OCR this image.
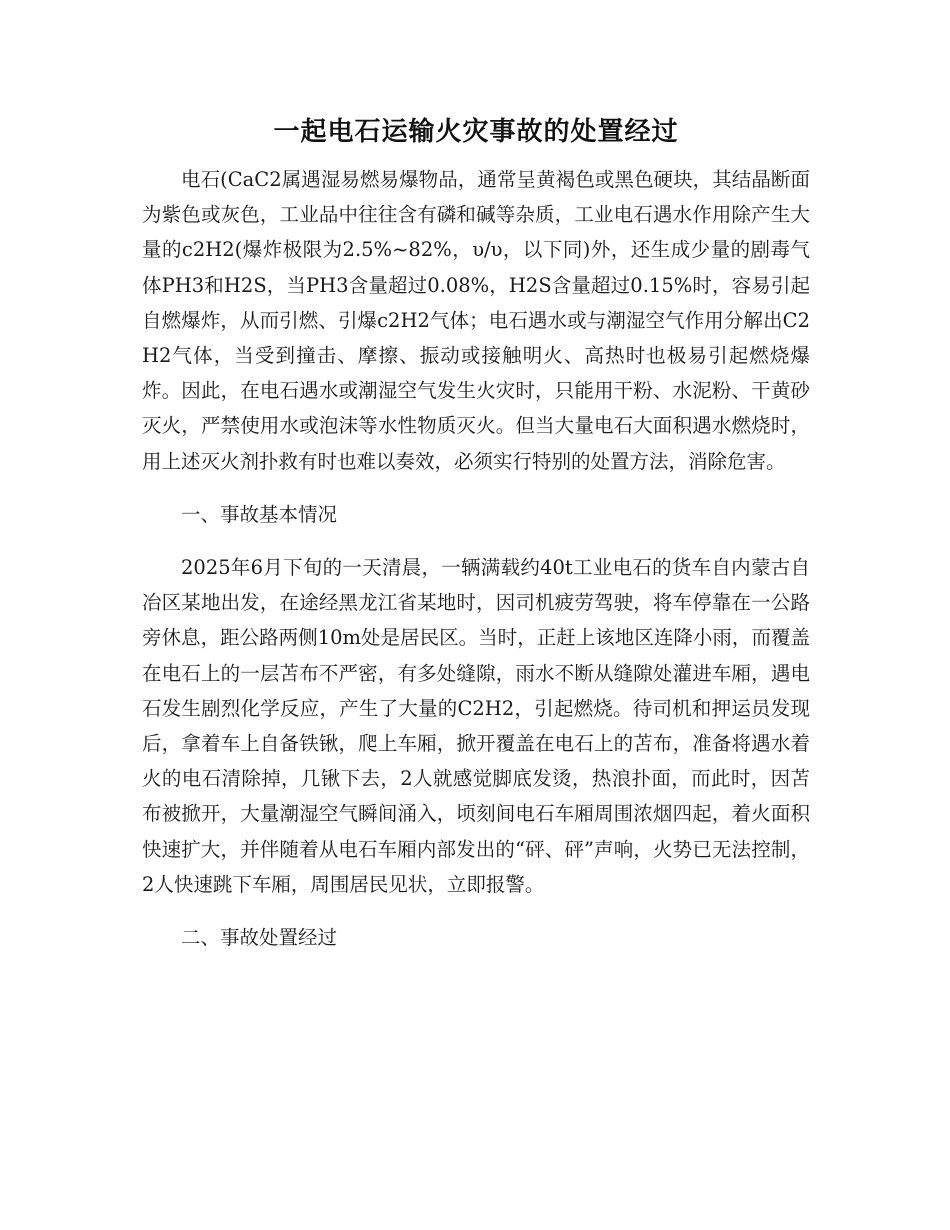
一起电石运输火灾事故的处置经过

电石(CaC2属遇湿易燃易爆物品，通常呈黄褐色或黑色硬块，其结晶断面为紫色或灰色，工业品中往往含有磷和碱等杂质，工业电石遇水作用除产生大量的c2H2(爆炸极限为2.5%~82%，υ/υ，以下同)外，还生成少量的剧毒气体PH3和H2S，当PH3含量超过0.08%，H2S含量超过0.15%时，容易引起自燃爆炸，从而引燃、引爆c2H2气体；电石遇水或与潮湿空气作用分解出C2H2气体，当受到撞击、摩擦、振动或接触明火、高热时也极易引起燃烧爆炸。因此，在电石遇水或潮湿空气发生火灾时，只能用干粉、水泥粉、干黄砂灭火，严禁使用水或泡沫等水性物质灭火。但当大量电石大面积遇水燃烧时，用上述灭火剂扑救有时也难以奏效，必须实行特别的处置方法，消除危害。

一、事故基本情况

2025年6月下旬的一天清晨，一辆满载约40t工业电石的货车自内蒙古自冶区某地出发，在途经黑龙江省某地时，因司机疲劳驾驶，将车停靠在一公路旁休息，距公路两侧10m处是居民区。当时，正赶上该地区连降小雨，而覆盖在电石上的一层苫布不严密，有多处缝隙，雨水不断从缝隙处灌进车厢，遇电石发生剧烈化学反应，产生了大量的C2H2，引起燃烧。待司机和押运员发现后，拿着车上自备铁锹，爬上车厢，掀开覆盖在电石上的苫布，准备将遇水着火的电石清除掉，几锹下去，2人就感觉脚底发烫，热浪扑面，而此时，因苫布被掀开，大量潮湿空气瞬间涌入，顷刻间电石车厢周围浓烟四起，着火面积快速扩大，并伴随着从电石车厢内部发出的“砰、砰”声响，火势已无法控制，2人快速跳下车厢，周围居民见状，立即报警。

二、事故处置经过
